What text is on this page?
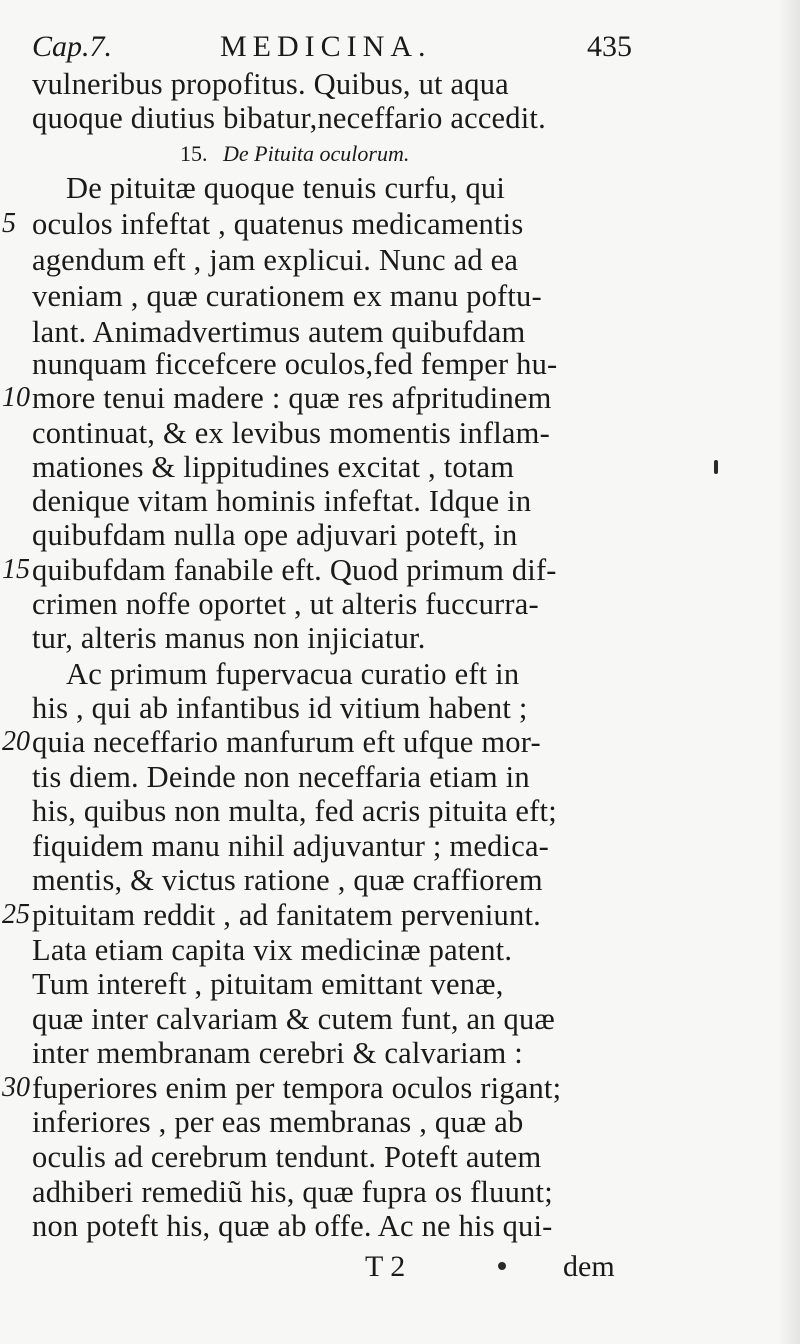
Cap.7.	MEDICINA.	435
vulneribus propofitus. Quibus, ut aqua
quoque diutius bibatur,neceffario accedit.
15. De Pituita oculorum.
De pituitæ quoque tenuis curfu, qui
oculos infeftat , quatenus medicamentis
agendum eft , jam explicui. Nunc ad ea
veniam , quæ curationem ex manu poftu-
lant. Animadvertimus autem quibufdam
nunquam ficcefcere oculos,fed femper hu-
more tenui madere : quæ res afpritudinem
continuat, & ex levibus momentis inflam-
mationes & lippitudines excitat , totam
denique vitam hominis infeftat. Idque in
quibufdam nulla ope adjuvari poteft, in
quibufdam fanabile eft. Quod primum dif-
crimen noffe oportet , ut alteris fuccurra-
tur, alteris manus non injiciatur.
Ac primum fupervacua curatio eft in
his , qui ab infantibus id vitium habent ;
quia neceffario manfurum eft ufque mor-
tis diem. Deinde non neceffaria etiam in
his, quibus non multa, fed acris pituita eft;
fiquidem manu nihil adjuvantur ; medica-
mentis, & victus ratione , quæ craffiorem
pituitam reddit , ad fanitatem perveniunt.
Lata etiam capita vix medicinæ patent.
Tum intereft , pituitam emittant venæ,
quæ inter calvariam & cutem funt, an quæ
inter membranam cerebri & calvariam :
fuperiores enim per tempora oculos rigant;
inferiores , per eas membranas , quæ ab
oculis ad cerebrum tendunt. Poteft autem
adhiberi remediũ his, quæ fupra os fluunt;
non poteft his, quæ ab offe. Ac ne his qui-
5
10
15
20
25
30
T 2	dem
